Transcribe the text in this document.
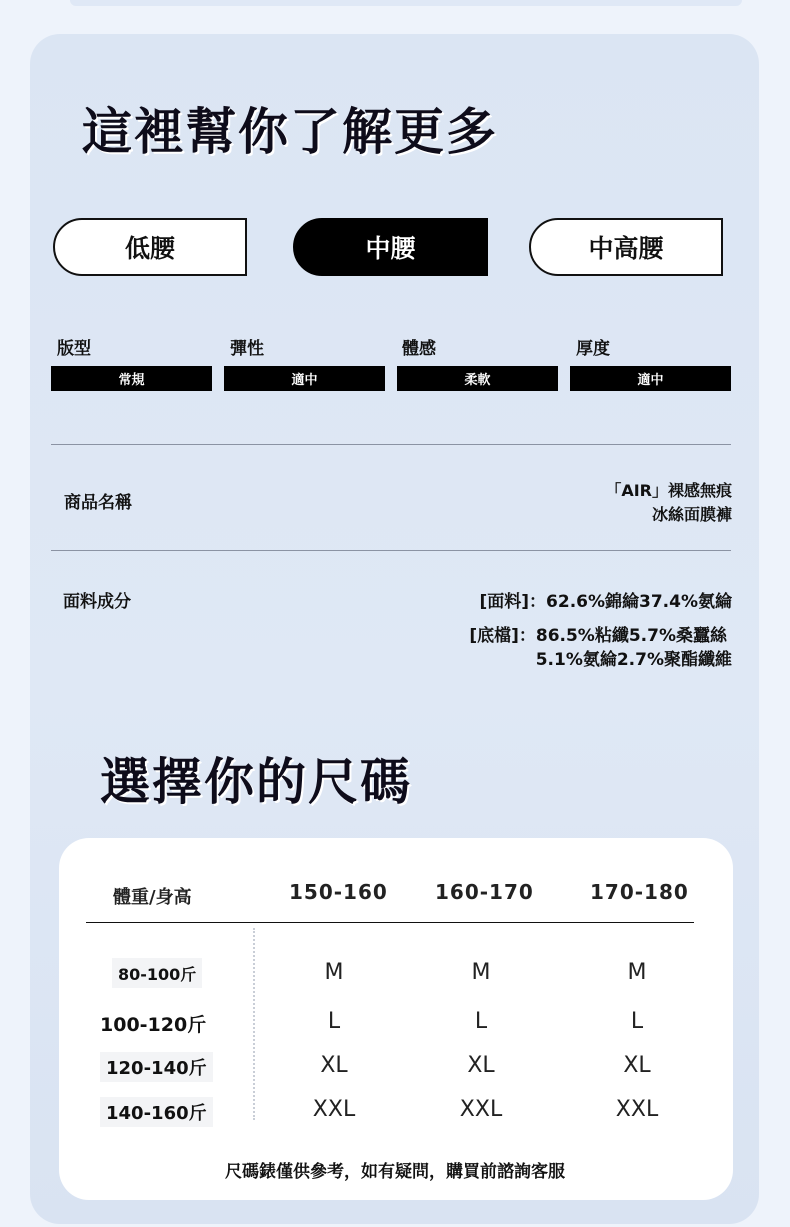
這裡幫你了解更多
低腰	中腰	中高腰
版型	彈性	體感	厚度
常規	適中	柔軟	適中
商品名稱
「AIR」裸感無痕
冰絲面膜褲
面料成分	[面料]：62.6%錦綸37.4%氨綸
[底檔]：86.5%粘纖5.7%桑蠶絲
5.1%氨綸2.7%聚酯纖維
選擇你的尺碼
體重/身高	150-160 160-170	170-180
80-100斤	M	M	M
100-120斤	L	L	L
120-140斤	XL	XL	XL
140-160斤	XXL	XXL	XXL
尺碼錶僅供參考，如有疑問，購買前諮詢客服
